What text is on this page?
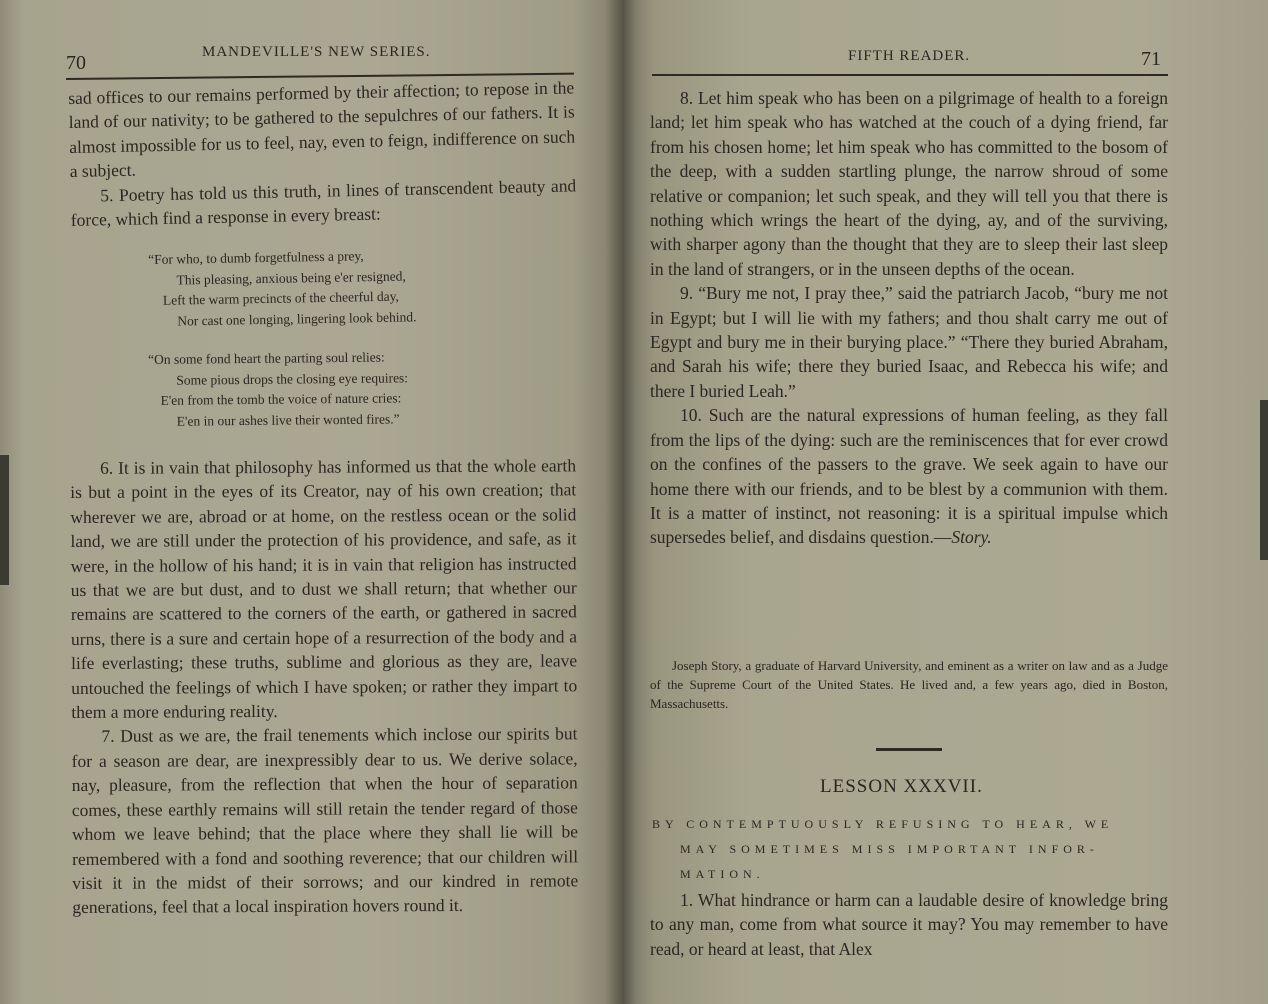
70	MANDEVILLE'S NEW SERIES.

sad offices to our remains performed by their affection; to repose in the land of our nativity; to be gathered to the sepulchres of our fathers. It is almost impossible for us to feel, nay, even to feign, indifference on such a subject.

5. Poetry has told us this truth, in lines of transcendent beauty and force, which find a response in every breast:

“For who, to dumb forgetfulness a prey,
This pleasing, anxious being e'er resigned,
Left the warm precincts of the cheerful day,
Nor cast one longing, lingering look behind.
“On some fond heart the parting soul relies:
Some pious drops the closing eye requires:
E'en from the tomb the voice of nature cries:
E'en in our ashes live their wonted fires.”

6. It is in vain that philosophy has informed us that the whole earth is but a point in the eyes of its Creator, nay of his own creation; that wherever we are, abroad or at home, on the restless ocean or the solid land, we are still under the protection of his providence, and safe, as it were, in the hollow of his hand; it is in vain that religion has instructed us that we are but dust, and to dust we shall return; that whether our remains are scattered to the corners of the earth, or gathered in sacred urns, there is a sure and certain hope of a resurrection of the body and a life everlasting; these truths, sublime and glorious as they are, leave untouched the feelings of which I have spoken; or rather they impart to them a more enduring reality.

7. Dust as we are, the frail tenements which inclose our spirits but for a season are dear, are inexpressibly dear to us. We derive solace, nay, pleasure, from the reflection that when the hour of separation comes, these earthly remains will still retain the tender regard of those whom we leave behind; that the place where they shall lie will be remembered with a fond and soothing reverence; that our children will visit it in the midst of their sorrows; and our kindred in remote generations, feel that a local inspiration hovers round it.

FIFTH READER.	71

8. Let him speak who has been on a pilgrimage of health to a foreign land; let him speak who has watched at the couch of a dying friend, far from his chosen home; let him speak who has committed to the bosom of the deep, with a sudden startling plunge, the narrow shroud of some relative or companion; let such speak, and they will tell you that there is nothing which wrings the heart of the dying, ay, and of the surviving, with sharper agony than the thought that they are to sleep their last sleep in the land of strangers, or in the unseen depths of the ocean.

9. “Bury me not, I pray thee,” said the patriarch Jacob, “bury me not in Egypt; but I will lie with my fathers; and thou shalt carry me out of Egypt and bury me in their burying place.” “There they buried Abraham, and Sarah his wife; there they buried Isaac, and Rebecca his wife; and there I buried Leah.”

10. Such are the natural expressions of human feeling, as they fall from the lips of the dying: such are the reminiscences that for ever crowd on the confines of the passers to the grave. We seek again to have our home there with our friends, and to be blest by a communion with them. It is a matter of instinct, not reasoning: it is a spiritual impulse which supersedes belief, and disdains question.—Story.

Joseph Story, a graduate of Harvard University, and eminent as a writer on law and as a Judge of the Supreme Court of the United States. He lived and, a few years ago, died in Boston, Massachusetts.

LESSON XXXVII.
BY CONTEMPTUOUSLY REFUSING TO HEAR, WE
MAY SOMETIMES MISS IMPORTANT INFOR-
MATION.

1. What hindrance or harm can a laudable desire of knowledge bring to any man, come from what source it may? You may remember to have read, or heard at least, that Alex
